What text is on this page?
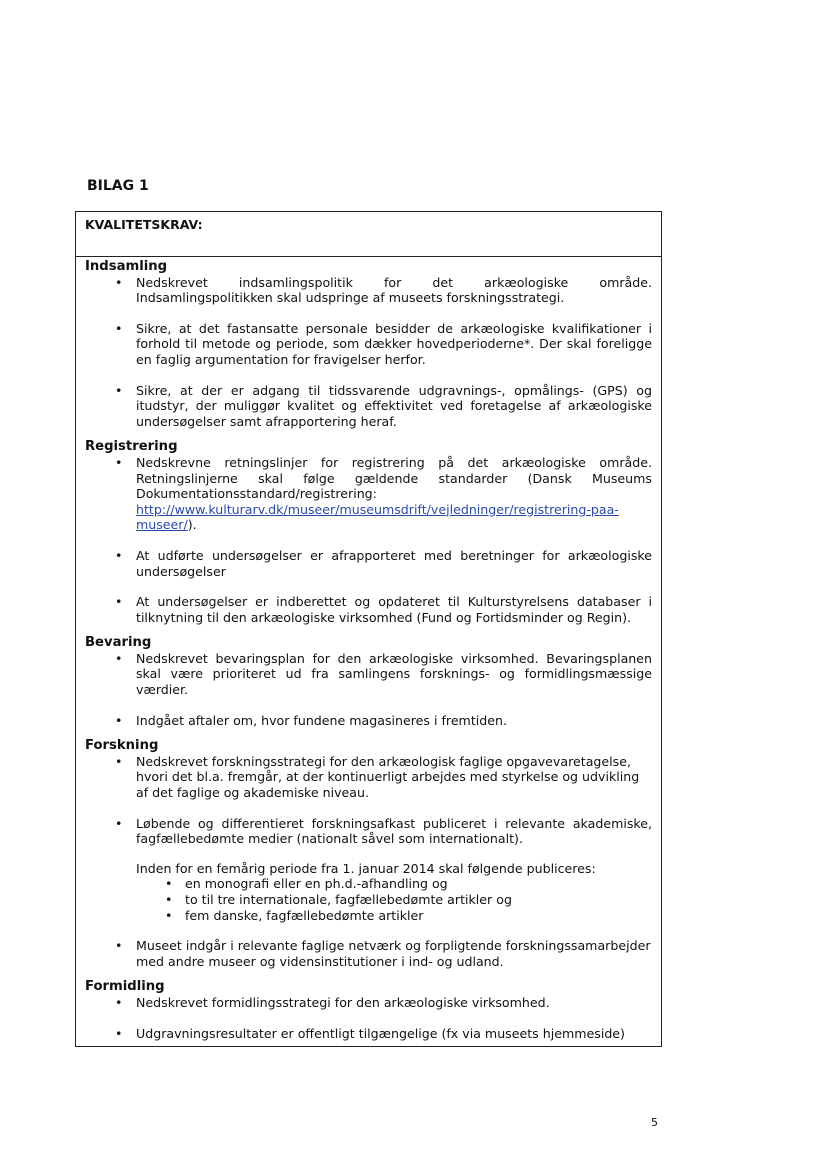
BILAG 1
KVALITETSKRAV:
Indsamling
• Nedskrevet indsamlingspolitik for det arkæologiske område. Indsamlingspolitikken skal udspringe af museets forskningsstrategi.
• Sikre, at det fastansatte personale besidder de arkæologiske kvalifikationer i forhold til metode og periode, som dækker hovedperioderne*. Der skal foreligge en faglig argumentation for fravigelser herfor.
• Sikre, at der er adgang til tidssvarende udgravnings-, opmålings- (GPS) og itudstyr, der muliggør kvalitet og effektivitet ved foretagelse af arkæologiske undersøgelser samt afrapportering heraf.
Registrering
• Nedskrevne retningslinjer for registrering på det arkæologiske område. Retningslinjerne skal følge gældende standarder (Dansk Museums Dokumentationsstandard/registrering: http://www.kulturarv.dk/museer/museumsdrift/vejledninger/registrering-paa-museer/).
• At udførte undersøgelser er afrapporteret med beretninger for arkæologiske undersøgelser
• At undersøgelser er indberettet og opdateret til Kulturstyrelsens databaser i tilknytning til den arkæologiske virksomhed (Fund og Fortidsminder og Regin).
Bevaring
• Nedskrevet bevaringsplan for den arkæologiske virksomhed. Bevaringsplanen skal være prioriteret ud fra samlingens forsknings- og formidlingsmæssige værdier.
• Indgået aftaler om, hvor fundene magasineres i fremtiden.
Forskning
• Nedskrevet forskningsstrategi for den arkæologisk faglige opgavevaretagelse, hvori det bl.a. fremgår, at der kontinuerligt arbejdes med styrkelse og udvikling af det faglige og akademiske niveau.
• Løbende og differentieret forskningsafkast publiceret i relevante akademiske, fagfællebedømte medier (nationalt såvel som internationalt).
Inden for en femårig periode fra 1. januar 2014 skal følgende publiceres:
• en monografi eller en ph.d.-afhandling og
• to til tre internationale, fagfællebedømte artikler og
• fem danske, fagfællebedømte artikler
• Museet indgår i relevante faglige netværk og forpligtende forskningssamarbejder med andre museer og vidensinstitutioner i ind- og udland.
Formidling
• Nedskrevet formidlingsstrategi for den arkæologiske virksomhed.
• Udgravningsresultater er offentligt tilgængelige (fx via museets hjemmeside)
5
